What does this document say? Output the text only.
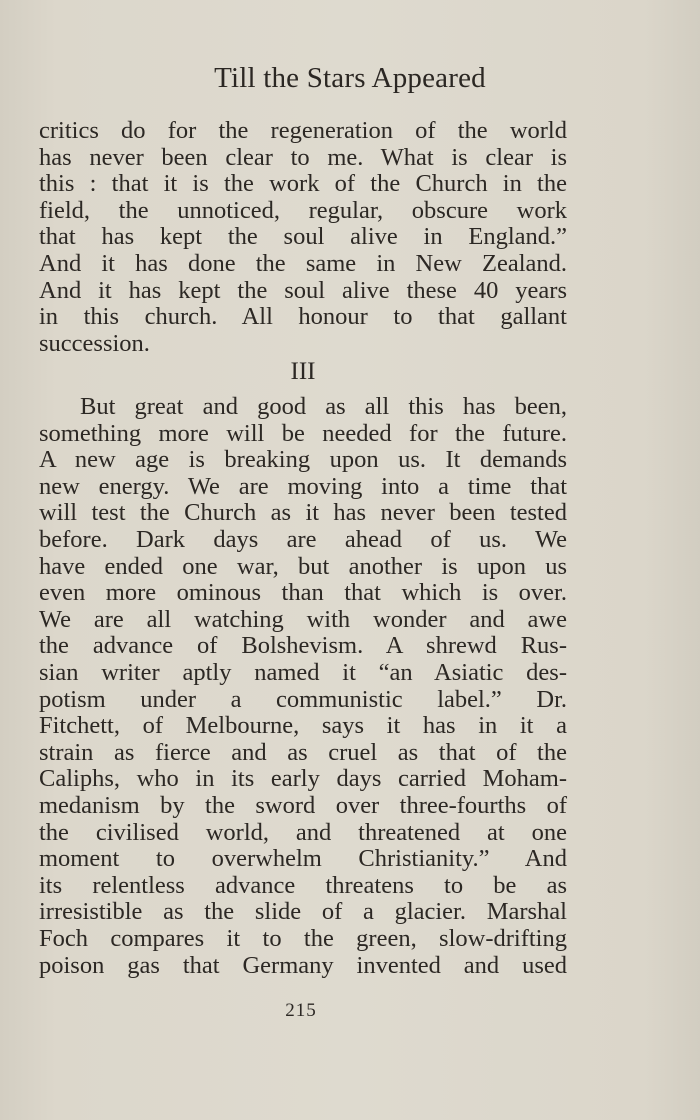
Till the Stars Appeared
critics do for the regeneration of the world
has never been clear to me. What is clear is
this : that it is the work of the Church in the
field, the unnoticed, regular, obscure work
that has kept the soul alive in England.”
And it has done the same in New Zealand.
And it has kept the soul alive these 40 years
in this church. All honour to that gallant
succession.
III
But great and good as all this has been,
something more will be needed for the future.
A new age is breaking upon us. It demands
new energy. We are moving into a time that
will test the Church as it has never been tested
before. Dark days are ahead of us. We
have ended one war, but another is upon us
even more ominous than that which is over.
We are all watching with wonder and awe
the advance of Bolshevism. A shrewd Rus-
sian writer aptly named it “an Asiatic des-
potism under a communistic label.” Dr.
Fitchett, of Melbourne, says it has in it a
strain as fierce and as cruel as that of the
Caliphs, who in its early days carried Moham-
medanism by the sword over three-fourths of
the civilised world, and threatened at one
moment to overwhelm Christianity.” And
its relentless advance threatens to be as
irresistible as the slide of a glacier. Marshal
Foch compares it to the green, slow-drifting
poison gas that Germany invented and used
215
